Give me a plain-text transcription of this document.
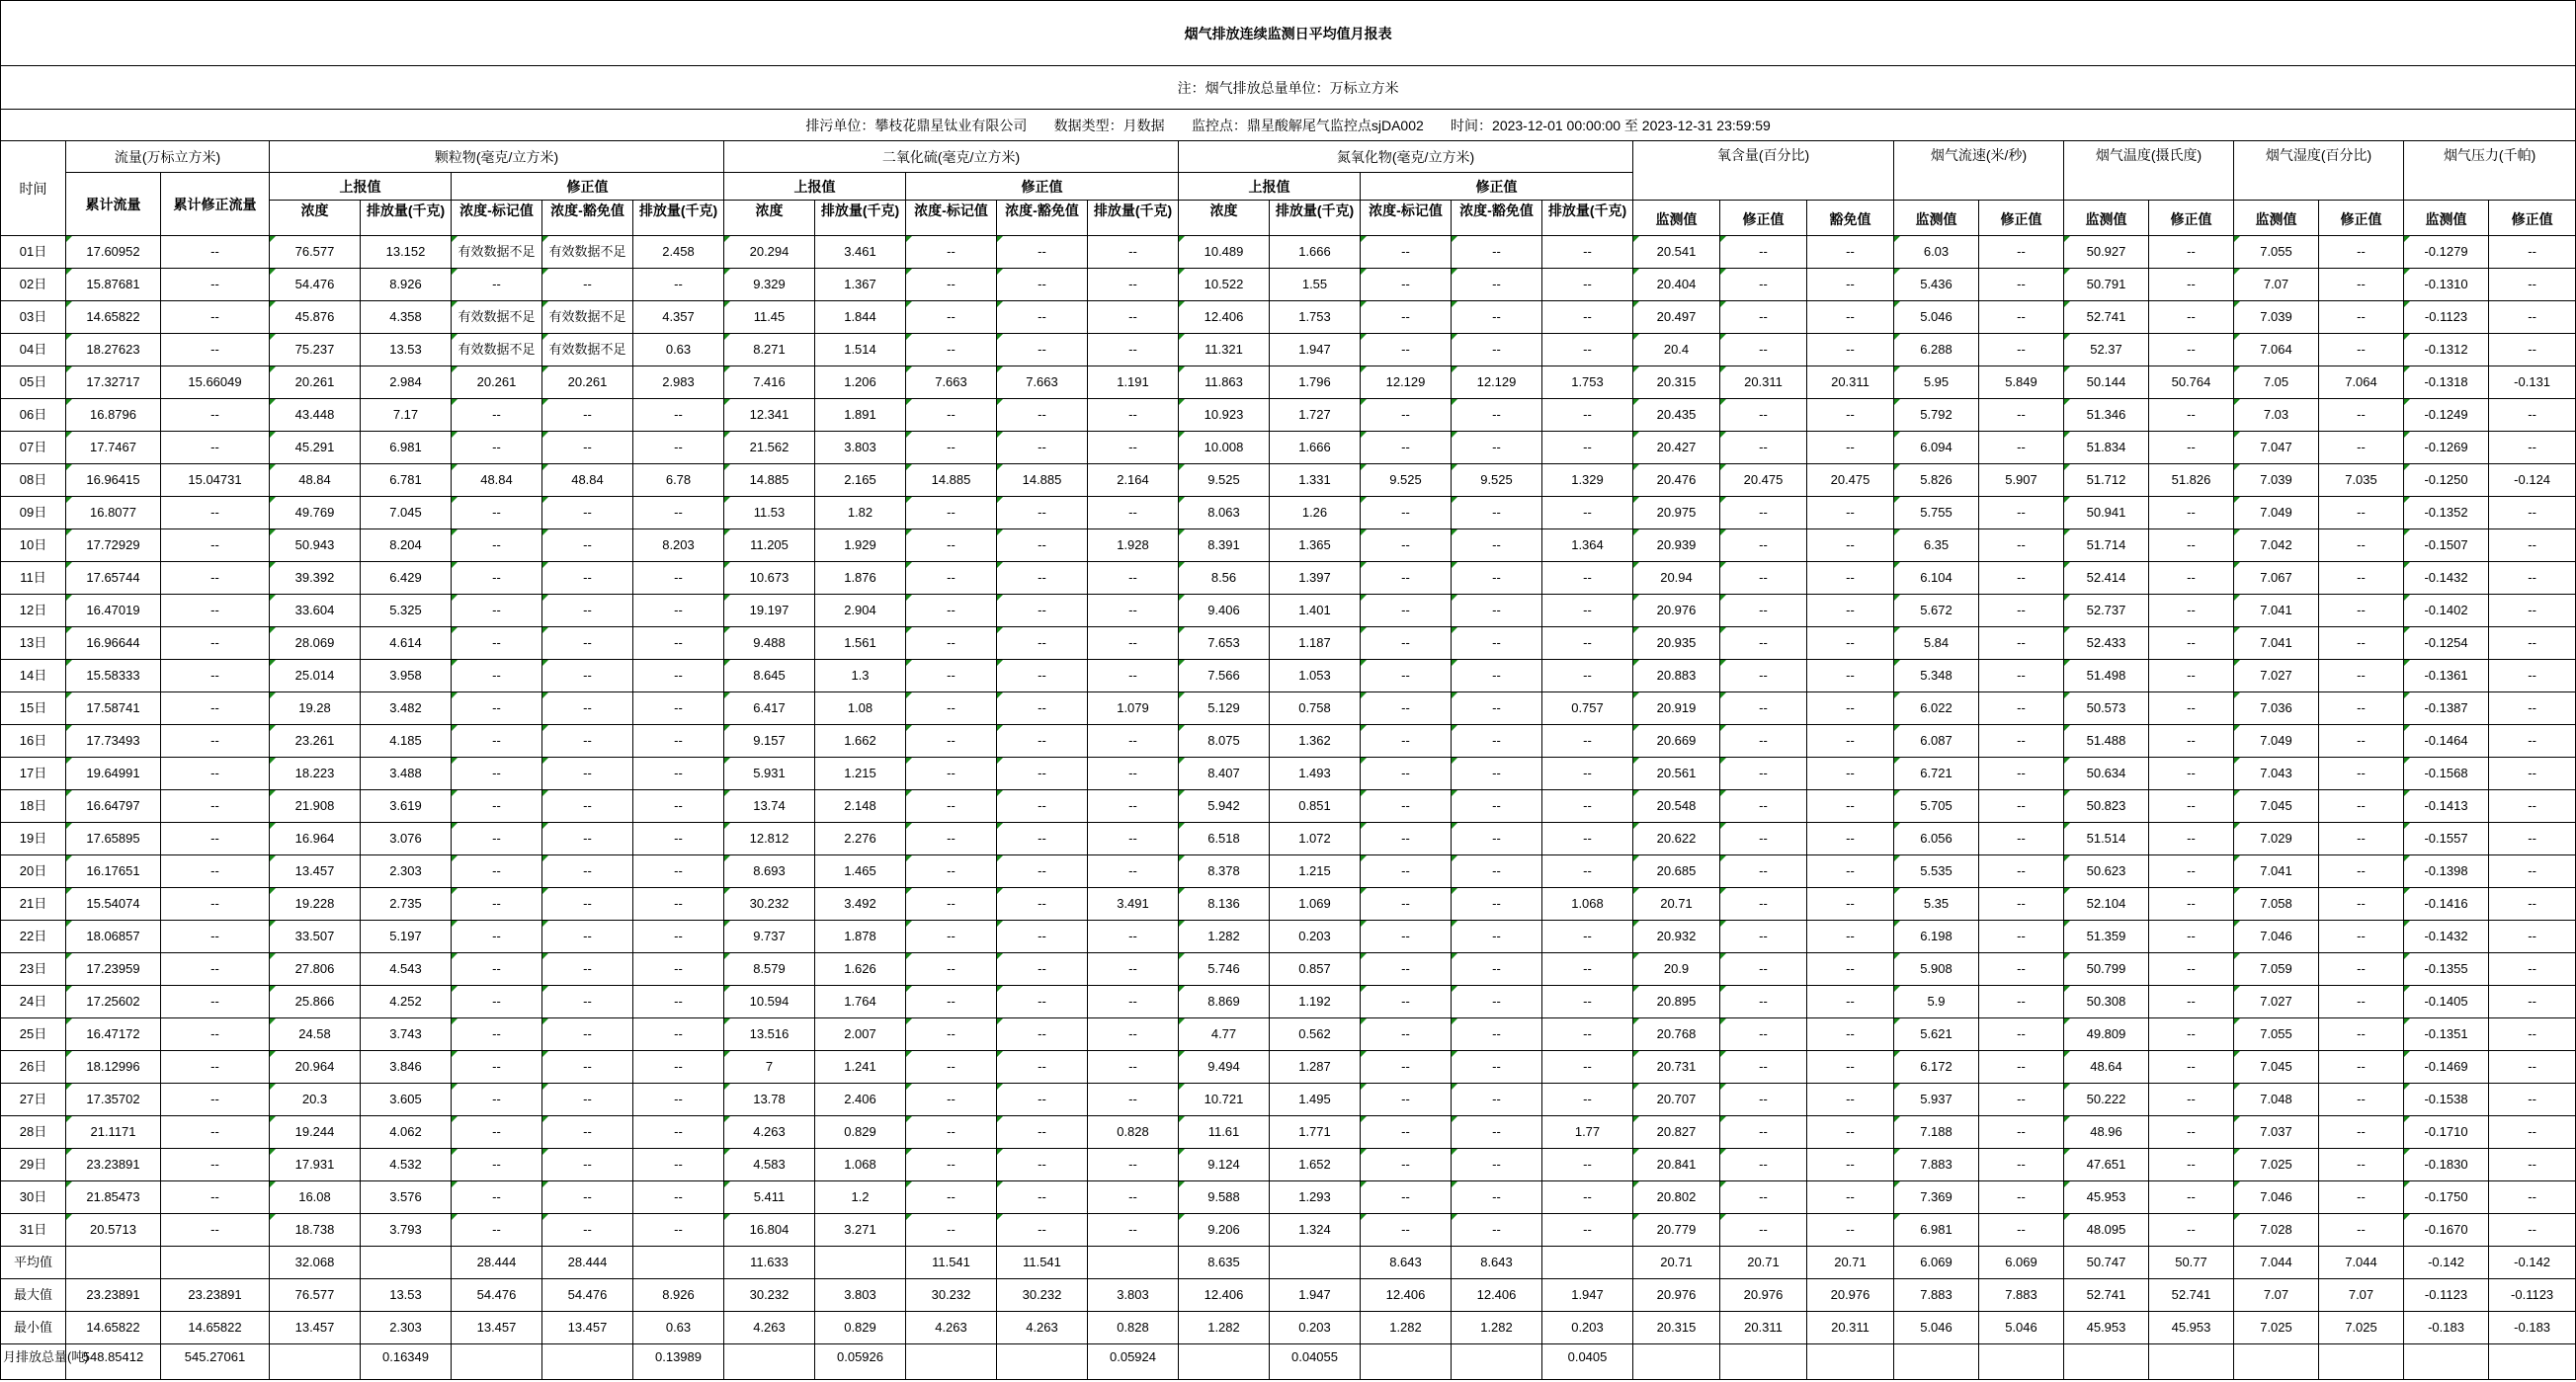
烟气排放连续监测日平均值月报表																												
注：烟气排放总量单位：万标立方米																												
排污单位：攀枝花鼎星钛业有限公司 数据类型：月数据 监控点：鼎星酸解尾气监控点sjDA002 时间：2023-12-01 00:00:00 至 2023-12-31 23:59:59																												
时间	流量(万标立方米)		颗粒物(毫克/立方米)					二氧化硫(毫克/立方米)					氮氧化物(毫克/立方米)					氧含量(百分比)			烟气流速(米/秒)		烟气温度(摄氏度)		烟气湿度(百分比)		烟气压力(千帕)	
	累计流量	累计修正流量	上报值		修正值			上报值		修正值			上报值		修正值													
			浓度	排放量(千克)	浓度-标记值	浓度-豁免值	排放量(千克)	浓度	排放量(千克)	浓度-标记值	浓度-豁免值	排放量(千克)	浓度	排放量(千克)	浓度-标记值	浓度-豁免值	排放量(千克)	监测值	修正值	豁免值	监测值	修正值	监测值	修正值	监测值	修正值	监测值	修正值
01日	17.60952	--	76.577	13.152	有效数据不足	有效数据不足	2.458	20.294	3.461	--	--	--	10.489	1.666	--	--	--	20.541	--	--	6.03	--	50.927	--	7.055	--	-0.1279	--
02日	15.87681	--	54.476	8.926	--	--	--	9.329	1.367	--	--	--	10.522	1.55	--	--	--	20.404	--	--	5.436	--	50.791	--	7.07	--	-0.1310	--
03日	14.65822	--	45.876	4.358	有效数据不足	有效数据不足	4.357	11.45	1.844	--	--	--	12.406	1.753	--	--	--	20.497	--	--	5.046	--	52.741	--	7.039	--	-0.1123	--
04日	18.27623	--	75.237	13.53	有效数据不足	有效数据不足	0.63	8.271	1.514	--	--	--	11.321	1.947	--	--	--	20.4	--	--	6.288	--	52.37	--	7.064	--	-0.1312	--
05日	17.32717	15.66049	20.261	2.984	20.261	20.261	2.983	7.416	1.206	7.663	7.663	1.191	11.863	1.796	12.129	12.129	1.753	20.315	20.311	20.311	5.95	5.849	50.144	50.764	7.05	7.064	-0.1318	-0.131
06日	16.8796	--	43.448	7.17	--	--	--	12.341	1.891	--	--	--	10.923	1.727	--	--	--	20.435	--	--	5.792	--	51.346	--	7.03	--	-0.1249	--
07日	17.7467	--	45.291	6.981	--	--	--	21.562	3.803	--	--	--	10.008	1.666	--	--	--	20.427	--	--	6.094	--	51.834	--	7.047	--	-0.1269	--
08日	16.96415	15.04731	48.84	6.781	48.84	48.84	6.78	14.885	2.165	14.885	14.885	2.164	9.525	1.331	9.525	9.525	1.329	20.476	20.475	20.475	5.826	5.907	51.712	51.826	7.039	7.035	-0.1250	-0.124
09日	16.8077	--	49.769	7.045	--	--	--	11.53	1.82	--	--	--	8.063	1.26	--	--	--	20.975	--	--	5.755	--	50.941	--	7.049	--	-0.1352	--
10日	17.72929	--	50.943	8.204	--	--	8.203	11.205	1.929	--	--	1.928	8.391	1.365	--	--	1.364	20.939	--	--	6.35	--	51.714	--	7.042	--	-0.1507	--
11日	17.65744	--	39.392	6.429	--	--	--	10.673	1.876	--	--	--	8.56	1.397	--	--	--	20.94	--	--	6.104	--	52.414	--	7.067	--	-0.1432	--
12日	16.47019	--	33.604	5.325	--	--	--	19.197	2.904	--	--	--	9.406	1.401	--	--	--	20.976	--	--	5.672	--	52.737	--	7.041	--	-0.1402	--
13日	16.96644	--	28.069	4.614	--	--	--	9.488	1.561	--	--	--	7.653	1.187	--	--	--	20.935	--	--	5.84	--	52.433	--	7.041	--	-0.1254	--
14日	15.58333	--	25.014	3.958	--	--	--	8.645	1.3	--	--	--	7.566	1.053	--	--	--	20.883	--	--	5.348	--	51.498	--	7.027	--	-0.1361	--
15日	17.58741	--	19.28	3.482	--	--	--	6.417	1.08	--	--	1.079	5.129	0.758	--	--	0.757	20.919	--	--	6.022	--	50.573	--	7.036	--	-0.1387	--
16日	17.73493	--	23.261	4.185	--	--	--	9.157	1.662	--	--	--	8.075	1.362	--	--	--	20.669	--	--	6.087	--	51.488	--	7.049	--	-0.1464	--
17日	19.64991	--	18.223	3.488	--	--	--	5.931	1.215	--	--	--	8.407	1.493	--	--	--	20.561	--	--	6.721	--	50.634	--	7.043	--	-0.1568	--
18日	16.64797	--	21.908	3.619	--	--	--	13.74	2.148	--	--	--	5.942	0.851	--	--	--	20.548	--	--	5.705	--	50.823	--	7.045	--	-0.1413	--
19日	17.65895	--	16.964	3.076	--	--	--	12.812	2.276	--	--	--	6.518	1.072	--	--	--	20.622	--	--	6.056	--	51.514	--	7.029	--	-0.1557	--
20日	16.17651	--	13.457	2.303	--	--	--	8.693	1.465	--	--	--	8.378	1.215	--	--	--	20.685	--	--	5.535	--	50.623	--	7.041	--	-0.1398	--
21日	15.54074	--	19.228	2.735	--	--	--	30.232	3.492	--	--	3.491	8.136	1.069	--	--	1.068	20.71	--	--	5.35	--	52.104	--	7.058	--	-0.1416	--
22日	18.06857	--	33.507	5.197	--	--	--	9.737	1.878	--	--	--	1.282	0.203	--	--	--	20.932	--	--	6.198	--	51.359	--	7.046	--	-0.1432	--
23日	17.23959	--	27.806	4.543	--	--	--	8.579	1.626	--	--	--	5.746	0.857	--	--	--	20.9	--	--	5.908	--	50.799	--	7.059	--	-0.1355	--
24日	17.25602	--	25.866	4.252	--	--	--	10.594	1.764	--	--	--	8.869	1.192	--	--	--	20.895	--	--	5.9	--	50.308	--	7.027	--	-0.1405	--
25日	16.47172	--	24.58	3.743	--	--	--	13.516	2.007	--	--	--	4.77	0.562	--	--	--	20.768	--	--	5.621	--	49.809	--	7.055	--	-0.1351	--
26日	18.12996	--	20.964	3.846	--	--	--	7	1.241	--	--	--	9.494	1.287	--	--	--	20.731	--	--	6.172	--	48.64	--	7.045	--	-0.1469	--
27日	17.35702	--	20.3	3.605	--	--	--	13.78	2.406	--	--	--	10.721	1.495	--	--	--	20.707	--	--	5.937	--	50.222	--	7.048	--	-0.1538	--
28日	21.1171	--	19.244	4.062	--	--	--	4.263	0.829	--	--	0.828	11.61	1.771	--	--	1.77	20.827	--	--	7.188	--	48.96	--	7.037	--	-0.1710	--
29日	23.23891	--	17.931	4.532	--	--	--	4.583	1.068	--	--	--	9.124	1.652	--	--	--	20.841	--	--	7.883	--	47.651	--	7.025	--	-0.1830	--
30日	21.85473	--	16.08	3.576	--	--	--	5.411	1.2	--	--	--	9.588	1.293	--	--	--	20.802	--	--	7.369	--	45.953	--	7.046	--	-0.1750	--
31日	20.5713	--	18.738	3.793	--	--	--	16.804	3.271	--	--	--	9.206	1.324	--	--	--	20.779	--	--	6.981	--	48.095	--	7.028	--	-0.1670	--
平均值			32.068		28.444	28.444		11.633		11.541	11.541		8.635		8.643	8.643		20.71	20.71	20.71	6.069	6.069	50.747	50.77	7.044	7.044	-0.142	-0.142
最大值	23.23891	23.23891	76.577	13.53	54.476	54.476	8.926	30.232	3.803	30.232	30.232	3.803	12.406	1.947	12.406	12.406	1.947	20.976	20.976	20.976	7.883	7.883	52.741	52.741	7.07	7.07	-0.1123	-0.1123
最小值	14.65822	14.65822	13.457	2.303	13.457	13.457	0.63	4.263	0.829	4.263	4.263	0.828	1.282	0.203	1.282	1.282	0.203	20.315	20.311	20.311	5.046	5.046	45.953	45.953	7.025	7.025	-0.183	-0.183
月排放总量(吨)	548.85412	545.27061		0.16349			0.13989		0.05926			0.05924		0.04055			0.0405											
